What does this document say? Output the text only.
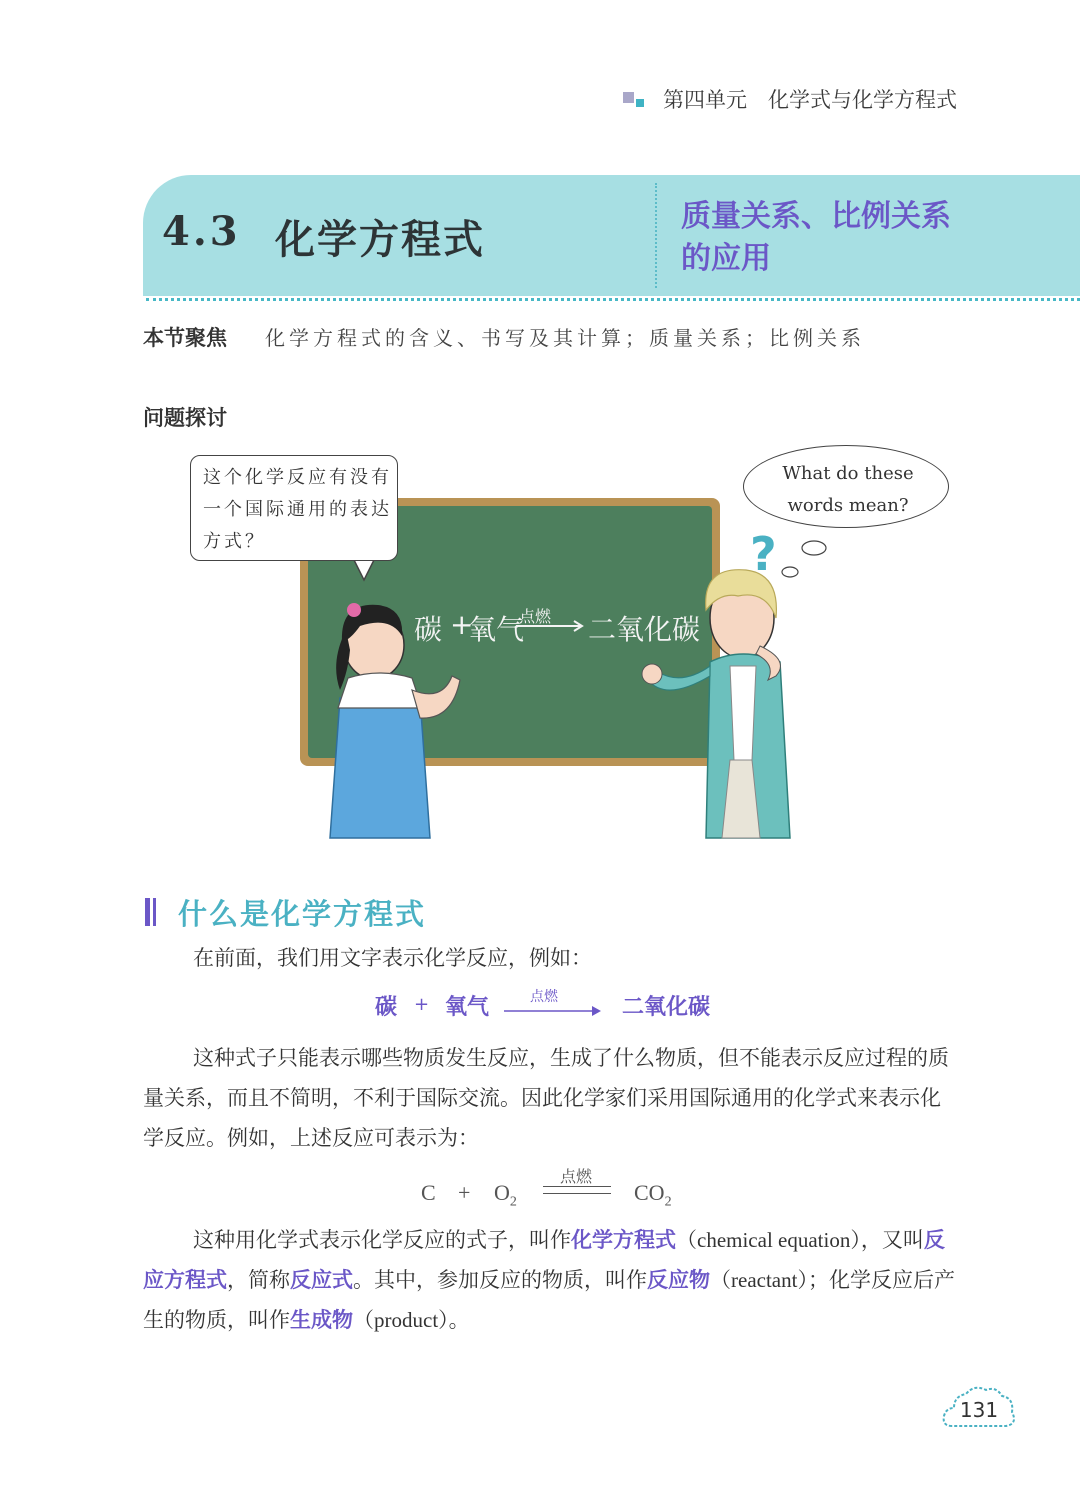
第四单元　化学式与化学方程式
4.3 化学方程式	质量关系、比例关系的应用
本节聚焦 化学方程式的含义、书写及其计算；质量关系；比例关系
问题探讨
?
这个化学反应有没有一个国际通用的表达方式？
What do these words mean?
碳 +
氧气
点燃 二氧化碳
什么是化学方程式
在前面，我们用文字表示化学反应，例如：
碳 + 氧气	点燃	二氧化碳
这种式子只能表示哪些物质发生反应，生成了什么物质，但不能表示反应过程的质量关系，而且不简明，不利于国际交流。因此化学家们采用国际通用的化学式来表示化学反应。例如，上述反应可表示为：
$C + O_2$
点燃
$CO_2$
这种用化学式表示化学反应的式子，叫作化学方程式（chemical equation），又叫反应方程式，简称反应式。其中，参加反应的物质，叫作反应物（reactant）；化学反应后产生的物质，叫作生成物（product）。
131
